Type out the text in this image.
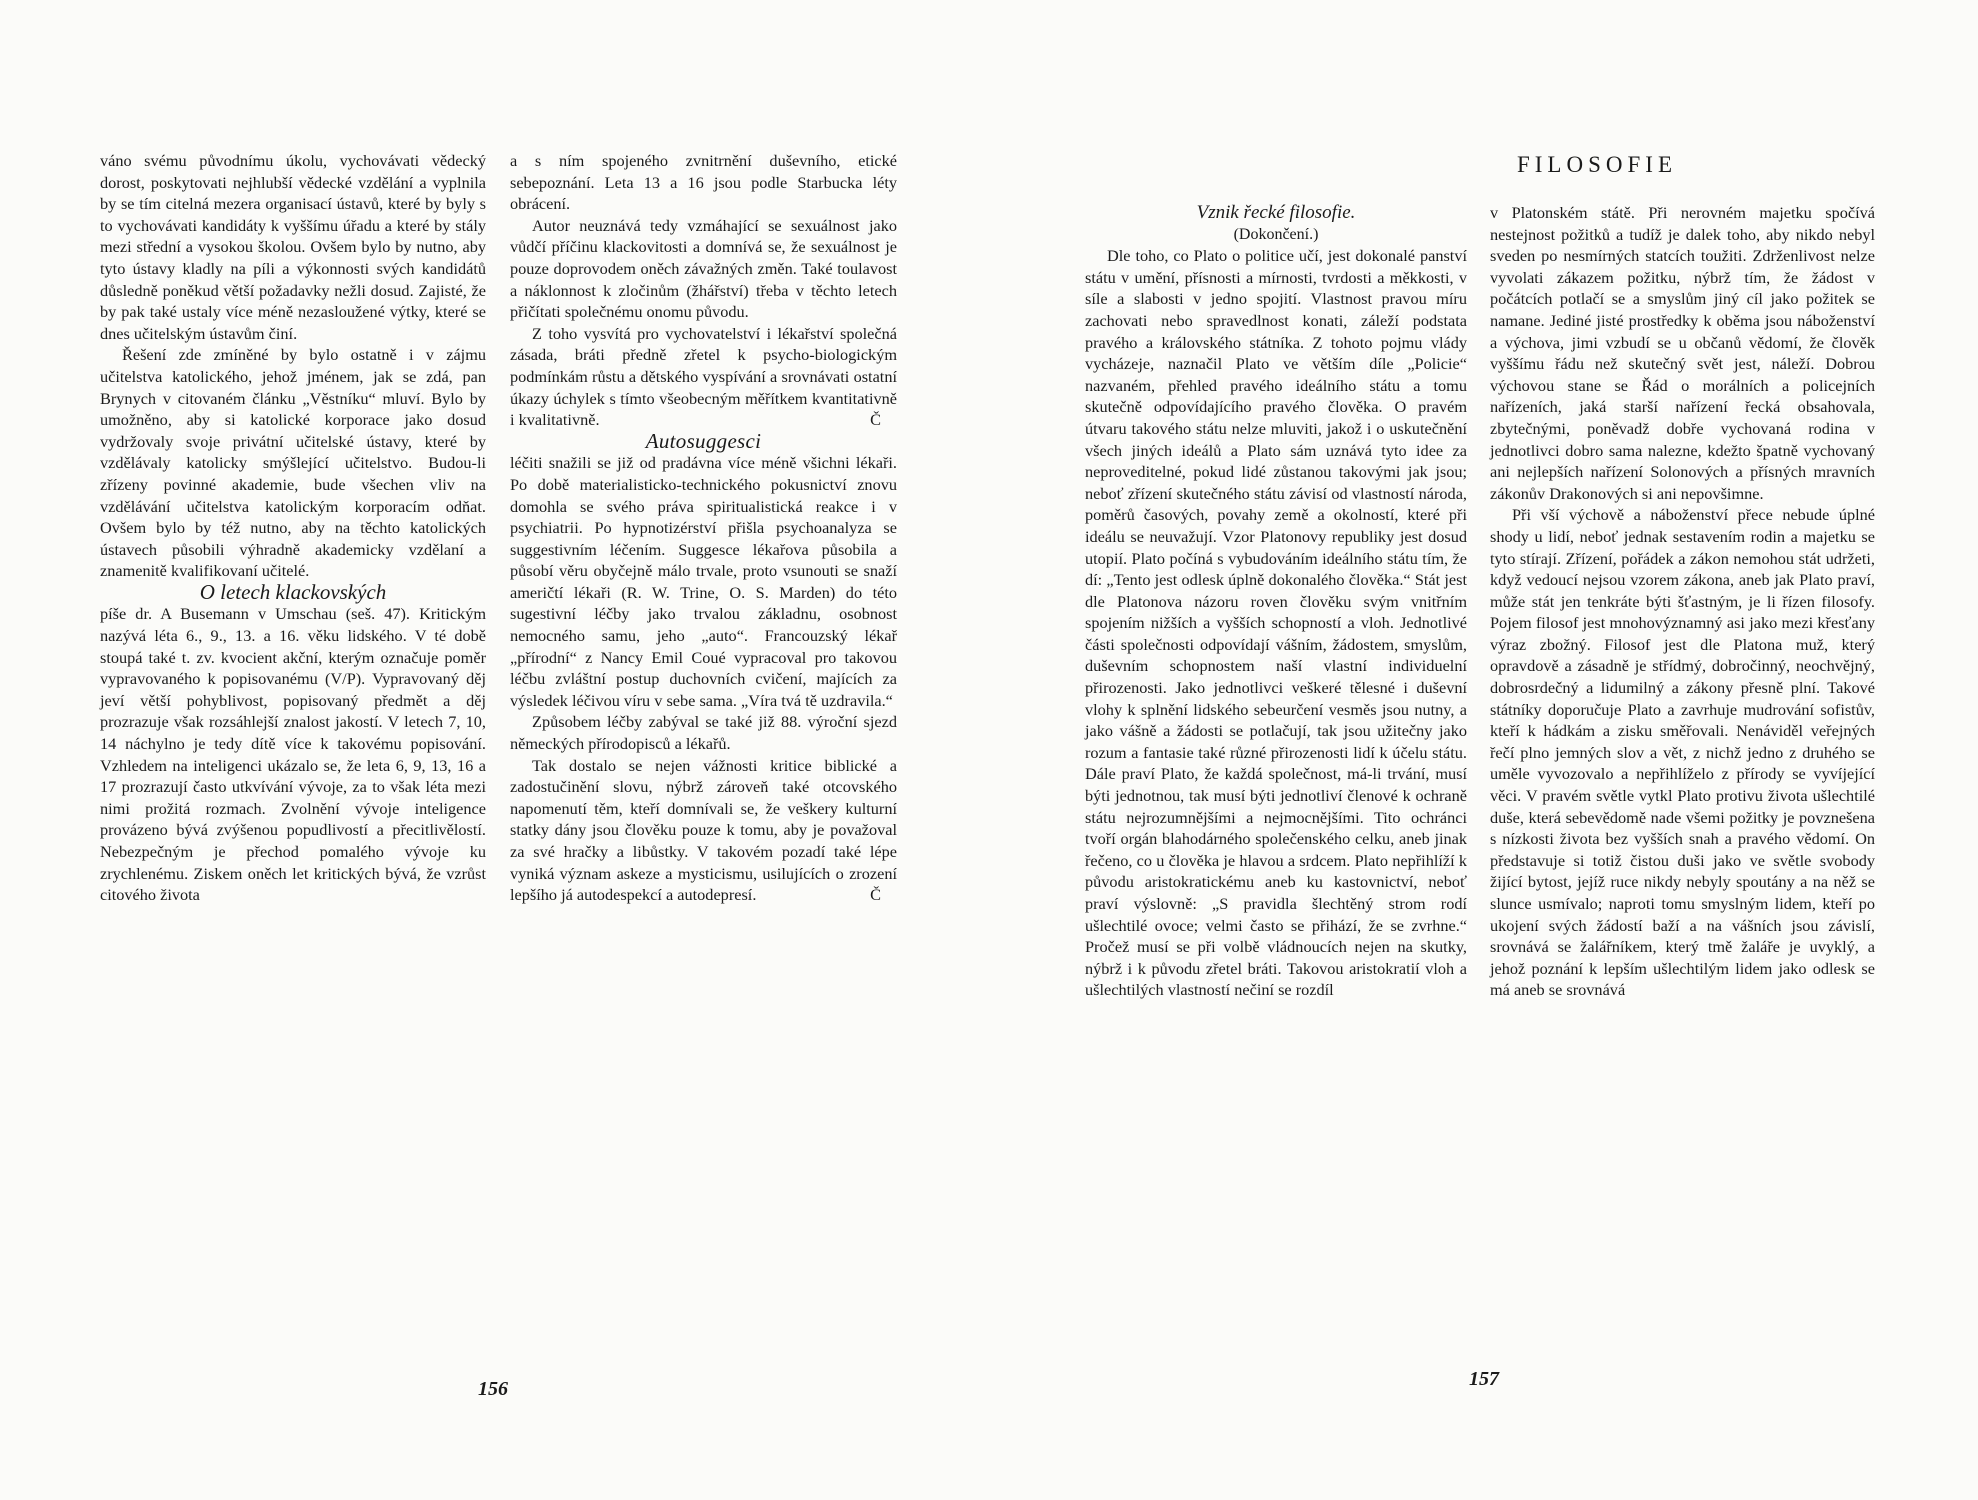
váno svému původnímu úkolu, vychovávati vědecký dorost, poskytovati nejhlubší vědecké vzdělání a vyplnila by se tím citelná mezera organisací ústavů, které by byly s to vychovávati kandidáty k vyššímu úřadu a které by stály mezi střední a vysokou školou. Ovšem bylo by nutno, aby tyto ústavy kladly na píli a výkonnosti svých kandidátů důsledně poněkud větší požadavky nežli dosud. Zajisté, že by pak také ustaly více méně nezasloužené výtky, které se dnes učitelským ústavům činí.

Řešení zde zmíněné by bylo ostatně i v zájmu učitelstva katolického, jehož jménem, jak se zdá, pan Brynych v citovaném článku „Věstníku“ mluví. Bylo by umožněno, aby si katolické korporace jako dosud vydržovaly svoje privátní učitelské ústavy, které by vzdělávaly katolicky smýšlející učitelstvo. Budou-li zřízeny povinné akademie, bude všechen vliv na vzdělávání učitelstva katolickým korporacím odňat. Ovšem bylo by též nutno, aby na těchto katolických ústavech působili výhradně akademicky vzdělaní a znamenitě kvalifikovaní učitelé.

O letech klackovských

píše dr. A Busemann v Umschau (seš. 47). Kritickým nazývá léta 6., 9., 13. a 16. věku lidského. V té době stoupá také t. zv. kvocient akční, kterým označuje poměr vypravovaného k popisovanému (V/P). Vypravovaný děj jeví větší pohyblivost, popisovaný předmět a děj prozrazuje však rozsáhlejší znalost jakostí. V letech 7, 10, 14 náchylno je tedy dítě více k takovému popisování. Vzhledem na inteligenci ukázalo se, že leta 6, 9, 13, 16 a 17 prozrazují často utkvívání vývoje, za to však léta mezi nimi prožitá rozmach. Zvolnění vývoje inteligence provázeno bývá zvýšenou popudlivostí a přecitlivělostí. Nebezpečným je přechod pomalého vývoje ku zrychlenému. Ziskem oněch let kritických bývá, že vzrůst citového života

a s ním spojeného zvnitrnění duševního, etické sebepoznání. Leta 13 a 16 jsou podle Starbucka léty obrácení.

Autor neuznává tedy vzmáhající se sexuálnost jako vůdčí příčinu klackovitosti a domnívá se, že sexuálnost je pouze doprovodem oněch závažných změn. Také toulavost a náklonnost k zločinům (žhářství) třeba v těchto letech přičítati společnému onomu původu.

Z toho vysvítá pro vychovatelství i lékařství společná zásada, bráti předně zřetel k psycho-biologickým podmínkám růstu a dětského vyspívání a srovnávati ostatní úkazy úchylek s tímto všeobecným měřítkem kvantitativně i kvalitativně.	Č

Autosuggesci

léčiti snažili se již od pradávna více méně všichni lékaři. Po době materialisticko-technického pokusnictví znovu domohla se svého práva spiritualistická reakce i v psychiatrii. Po hypnotizérství přišla psychoanalyza se suggestivním léčením. Suggesce lékařova působila a působí věru obyčejně málo trvale, proto vsunouti se snaží američtí lékaři (R. W. Trine, O. S. Marden) do této sugestivní léčby jako trvalou základnu, osobnost nemocného samu, jeho „auto“. Francouzský lékař „přírodní“ z Nancy Emil Coué vypracoval pro takovou léčbu zvláštní postup duchovních cvičení, majících za výsledek léčivou víru v sebe sama. „Víra tvá tě uzdravila.“

Způsobem léčby zabýval se také již 88. výroční sjezd německých přírodopisců a lékařů.

Tak dostalo se nejen vážnosti kritice biblické a zadostučinění slovu, nýbrž zároveň také otcovského napomenutí těm, kteří domnívali se, že veškery kulturní statky dány jsou člověku pouze k tomu, aby je považoval za své hračky a libůstky. V takovém pozadí také lépe vyniká význam askeze a mysticismu, usilujících o zrození lepšího já autodespekcí a autodepresí.	Č

156
FILOSOFIE

Vznik řecké filosofie.

(Dokončení.)

Dle toho, co Plato o politice učí, jest dokonalé panství státu v umění, přísnosti a mírnosti, tvrdosti a měkkosti, v síle a slabosti v jedno spojití. Vlastnost pravou míru zachovati nebo spravedlnost konati, záleží podstata pravého a královského státníka. Z tohoto pojmu vlády vycházeje, naznačil Plato ve větším díle „Policie“ nazvaném, přehled pravého ideálního státu a tomu skutečně odpovídajícího pravého člověka. O pravém útvaru takového státu nelze mluviti, jakož i o uskutečnění všech jiných ideálů a Plato sám uznává tyto idee za neproveditelné, pokud lidé zůstanou takovými jak jsou; neboť zřízení skutečného státu závisí od vlastností národa, poměrů časových, povahy země a okolností, které při ideálu se neuvažují. Vzor Platonovy republiky jest dosud utopií. Plato počíná s vybudováním ideálního státu tím, že dí: „Tento jest odlesk úplně dokonalého člověka.“ Stát jest dle Platonova názoru roven člověku svým vnitřním spojením nižších a vyšších schopností a vloh. Jednotlivé části společnosti odpovídají vášním, žádostem, smyslům, duševním schopnostem naší vlastní individuelní přirozenosti. Jako jednotlivci veškeré tělesné i duševní vlohy k splnění lidského sebeurčení vesměs jsou nutny, a jako vášně a žádosti se potlačují, tak jsou užitečny jako rozum a fantasie také různé přirozenosti lidí k účelu státu. Dále praví Plato, že každá společnost, má-li trvání, musí býti jednotnou, tak musí býti jednotliví členové k ochraně státu nejrozumnějšími a nejmocnějšími. Tito ochránci tvoří orgán blahodárného společenského celku, aneb jinak řečeno, co u člověka je hlavou a srdcem. Plato nepřihlíží k původu aristokratickému aneb ku kastovnictví, neboť praví výslovně: „S pravidla šlechtěný strom rodí ušlechtilé ovoce; velmi často se přihází, že se zvrhne.“ Pročež musí se při volbě vládnoucích nejen na skutky, nýbrž i k původu zřetel bráti. Takovou aristokratií vloh a ušlechtilých vlastností nečiní se rozdíl

v Platonském státě. Při nerovném majetku spočívá nestejnost požitků a tudíž je dalek toho, aby nikdo nebyl sveden po nesmírných statcích toužiti. Zdrženlivost nelze vyvolati zákazem požitku, nýbrž tím, že žádost v počátcích potlačí se a smyslům jiný cíl jako požitek se namane. Jediné jisté prostředky k oběma jsou náboženství a výchova, jimi vzbudí se u občanů vědomí, že člověk vyššímu řádu než skutečný svět jest, náleží. Dobrou výchovou stane se Řád o morálních a policejních nařízeních, jaká starší nařízení řecká obsahovala, zbytečnými, poněvadž dobře vychovaná rodina v jednotlivci dobro sama nalezne, kdežto špatně vychovaný ani nejlepších nařízení Solonových a přísných mravních zákonův Drakonových si ani nepovšimne.

Při vší výchově a náboženství přece nebude úplné shody u lidí, neboť jednak sestavením rodin a majetku se tyto stírají. Zřízení, pořádek a zákon nemohou stát udržeti, když vedoucí nejsou vzorem zákona, aneb jak Plato praví, může stát jen tenkráte býti šťastným, je li řízen filosofy. Pojem filosof jest mnohovýznamný asi jako mezi křesťany výraz zbožný. Filosof jest dle Platona muž, který opravdově a zásadně je střídmý, dobročinný, neochvějný, dobrosrdečný a lidumilný a zákony přesně plní. Takové státníky doporučuje Plato a zavrhuje mudrování sofistův, kteří k hádkám a zisku směřovali. Nenáviděl veřejných řečí plno jemných slov a vět, z nichž jedno z druhého se uměle vyvozovalo a nepřihlíželo z přírody se vyvíjející věci. V pravém světle vytkl Plato protivu života ušlechtilé duše, která sebevědomě nade všemi požitky je povznešena s nízkosti života bez vyšších snah a pravého vědomí. On představuje si totiž čistou duši jako ve světle svobody žijící bytost, jejíž ruce nikdy nebyly spoutány a na něž se slunce usmívalo; naproti tomu smyslným lidem, kteří po ukojení svých žádostí baží a na vášních jsou závislí, srovnává se žalářníkem, který tmě žaláře je uvyklý, a jehož poznání k lepším ušlechtilým lidem jako odlesk se má aneb se srovnává

157
